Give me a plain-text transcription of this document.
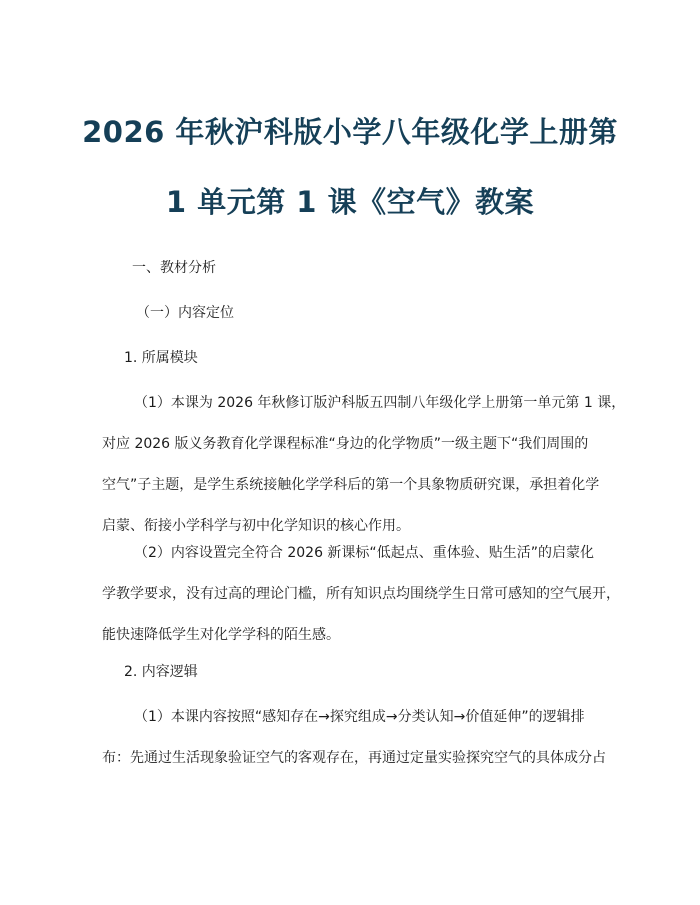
2026 年秋沪科版小学八年级化学上册第
1 单元第 1 课《空气》教案
一、教材分析
（一）内容定位
1. 所属模块
（1）本课为 2026 年秋修订版沪科版五四制八年级化学上册第一单元第 1 课，
对应 2026 版义务教育化学课程标准“身边的化学物质”一级主题下“我们周围的
空气”子主题，是学生系统接触化学学科后的第一个具象物质研究课，承担着化学
启蒙、衔接小学科学与初中化学知识的核心作用。
（2）内容设置完全符合 2026 新课标“低起点、重体验、贴生活”的启蒙化
学教学要求，没有过高的理论门槛，所有知识点均围绕学生日常可感知的空气展开，
能快速降低学生对化学学科的陌生感。
2. 内容逻辑
（1）本课内容按照“感知存在→探究组成→分类认知→价值延伸”的逻辑排
布：先通过生活现象验证空气的客观存在，再通过定量实验探究空气的具体成分占
